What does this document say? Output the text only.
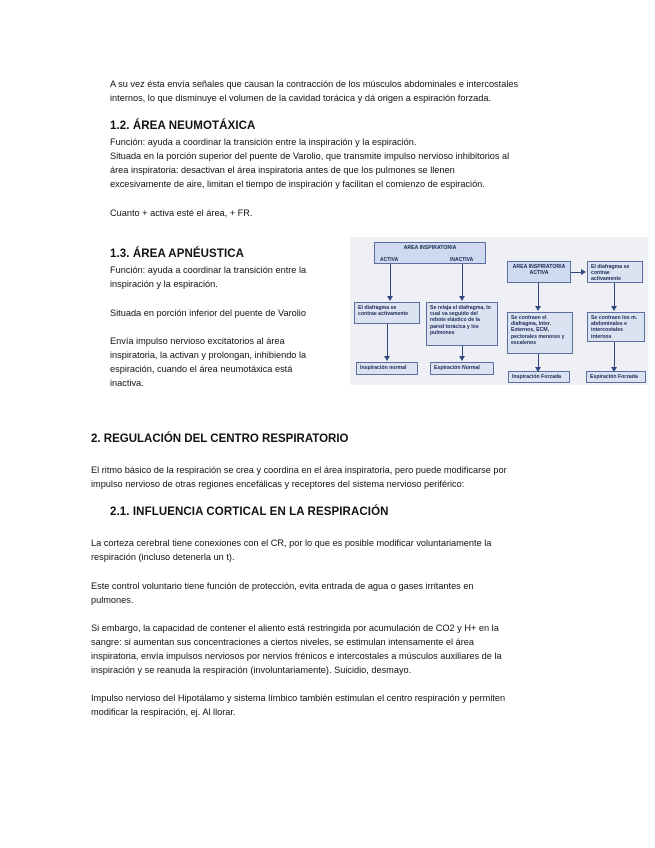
A su vez ésta envía señales que causan la contracción de los músculos abdominales e intercostales

internos, lo que disminuye el volumen de la cavidad torácica y dá origen a espiración forzada.

1.2. ÁREA NEUMOTÁXICA

Función: ayuda a coordinar la transición entre la inspiración y la espiración.

Situada en la porción superior del puente de Varolio, que transmite impulso nervioso inhibitorios al

área inspiratoria: desactivan el área inspiratoria antes de que los pulmones se llenen

excesivamente de aire, limitan el tiempo de inspiración y facilitan el comienzo de espiración.

Cuanto + activa esté el área, + FR.

1.3. ÁREA APNÉUSTICA

Función: ayuda a coordinar la transición entre la

inspiración y la espiración.

Situada en porción inferior del puente de Varolio

Envía impulso nervioso excitatorios al área

inspiratoria, la activan y prolongan, inhibiendo la

espiración, cuando el área neumotáxica está

inactiva.

AREA INSPIRATORIA
ACTIVA	INACTIVA
El diafragma se contrae activamente
Se relaja el diafragma, lo cual va seguido del rebote elástico de la pared torácica y los pulmones
Inspiración normal	Espiración Normal
AREA INSPIRATORIA ACTIVA
El diafragma se contrae activamente
Se contraen el diafragma, Inter. Externos, ECM, pectorales menores y escalenos
Se contraen los m. abdominales e intercostales internos
Inspiración Forzada	Espiración Forzada
2. REGULACIÓN DEL CENTRO RESPIRATORIO

El ritmo básico de la respiración se crea y coordina en el área inspiratoria, pero puede modificarse por

impulso nervioso de otras regiones encefálicas y receptores del sistema nervioso periférico:

2.1. INFLUENCIA CORTICAL EN LA RESPIRACIÓN

La corteza cerebral tiene conexiones con el CR, por lo que es posible modificar voluntariamente la

respiración (incluso detenerla un t).

Este control voluntario tiene función de protección, evita entrada de agua o gases irritantes en

pulmones.

Si embargo, la capacidad de contener el aliento está restringida por acumulación de CO2 y H+ en la

sangre: si aumentan sus concentraciones a ciertos niveles, se estimulan intensamente el área

inspiratoria, envía impulsos nerviosos por nervios frénicos e intercostales a músculos auxiliares de la

inspiración y se reanuda la respiración (involuntariamente). Suicidio, desmayo.

Impulso nervioso del Hipotálamo y sistema límbico también estimulan el centro respiración y permiten

modificar la respiración, ej. Al llorar.
